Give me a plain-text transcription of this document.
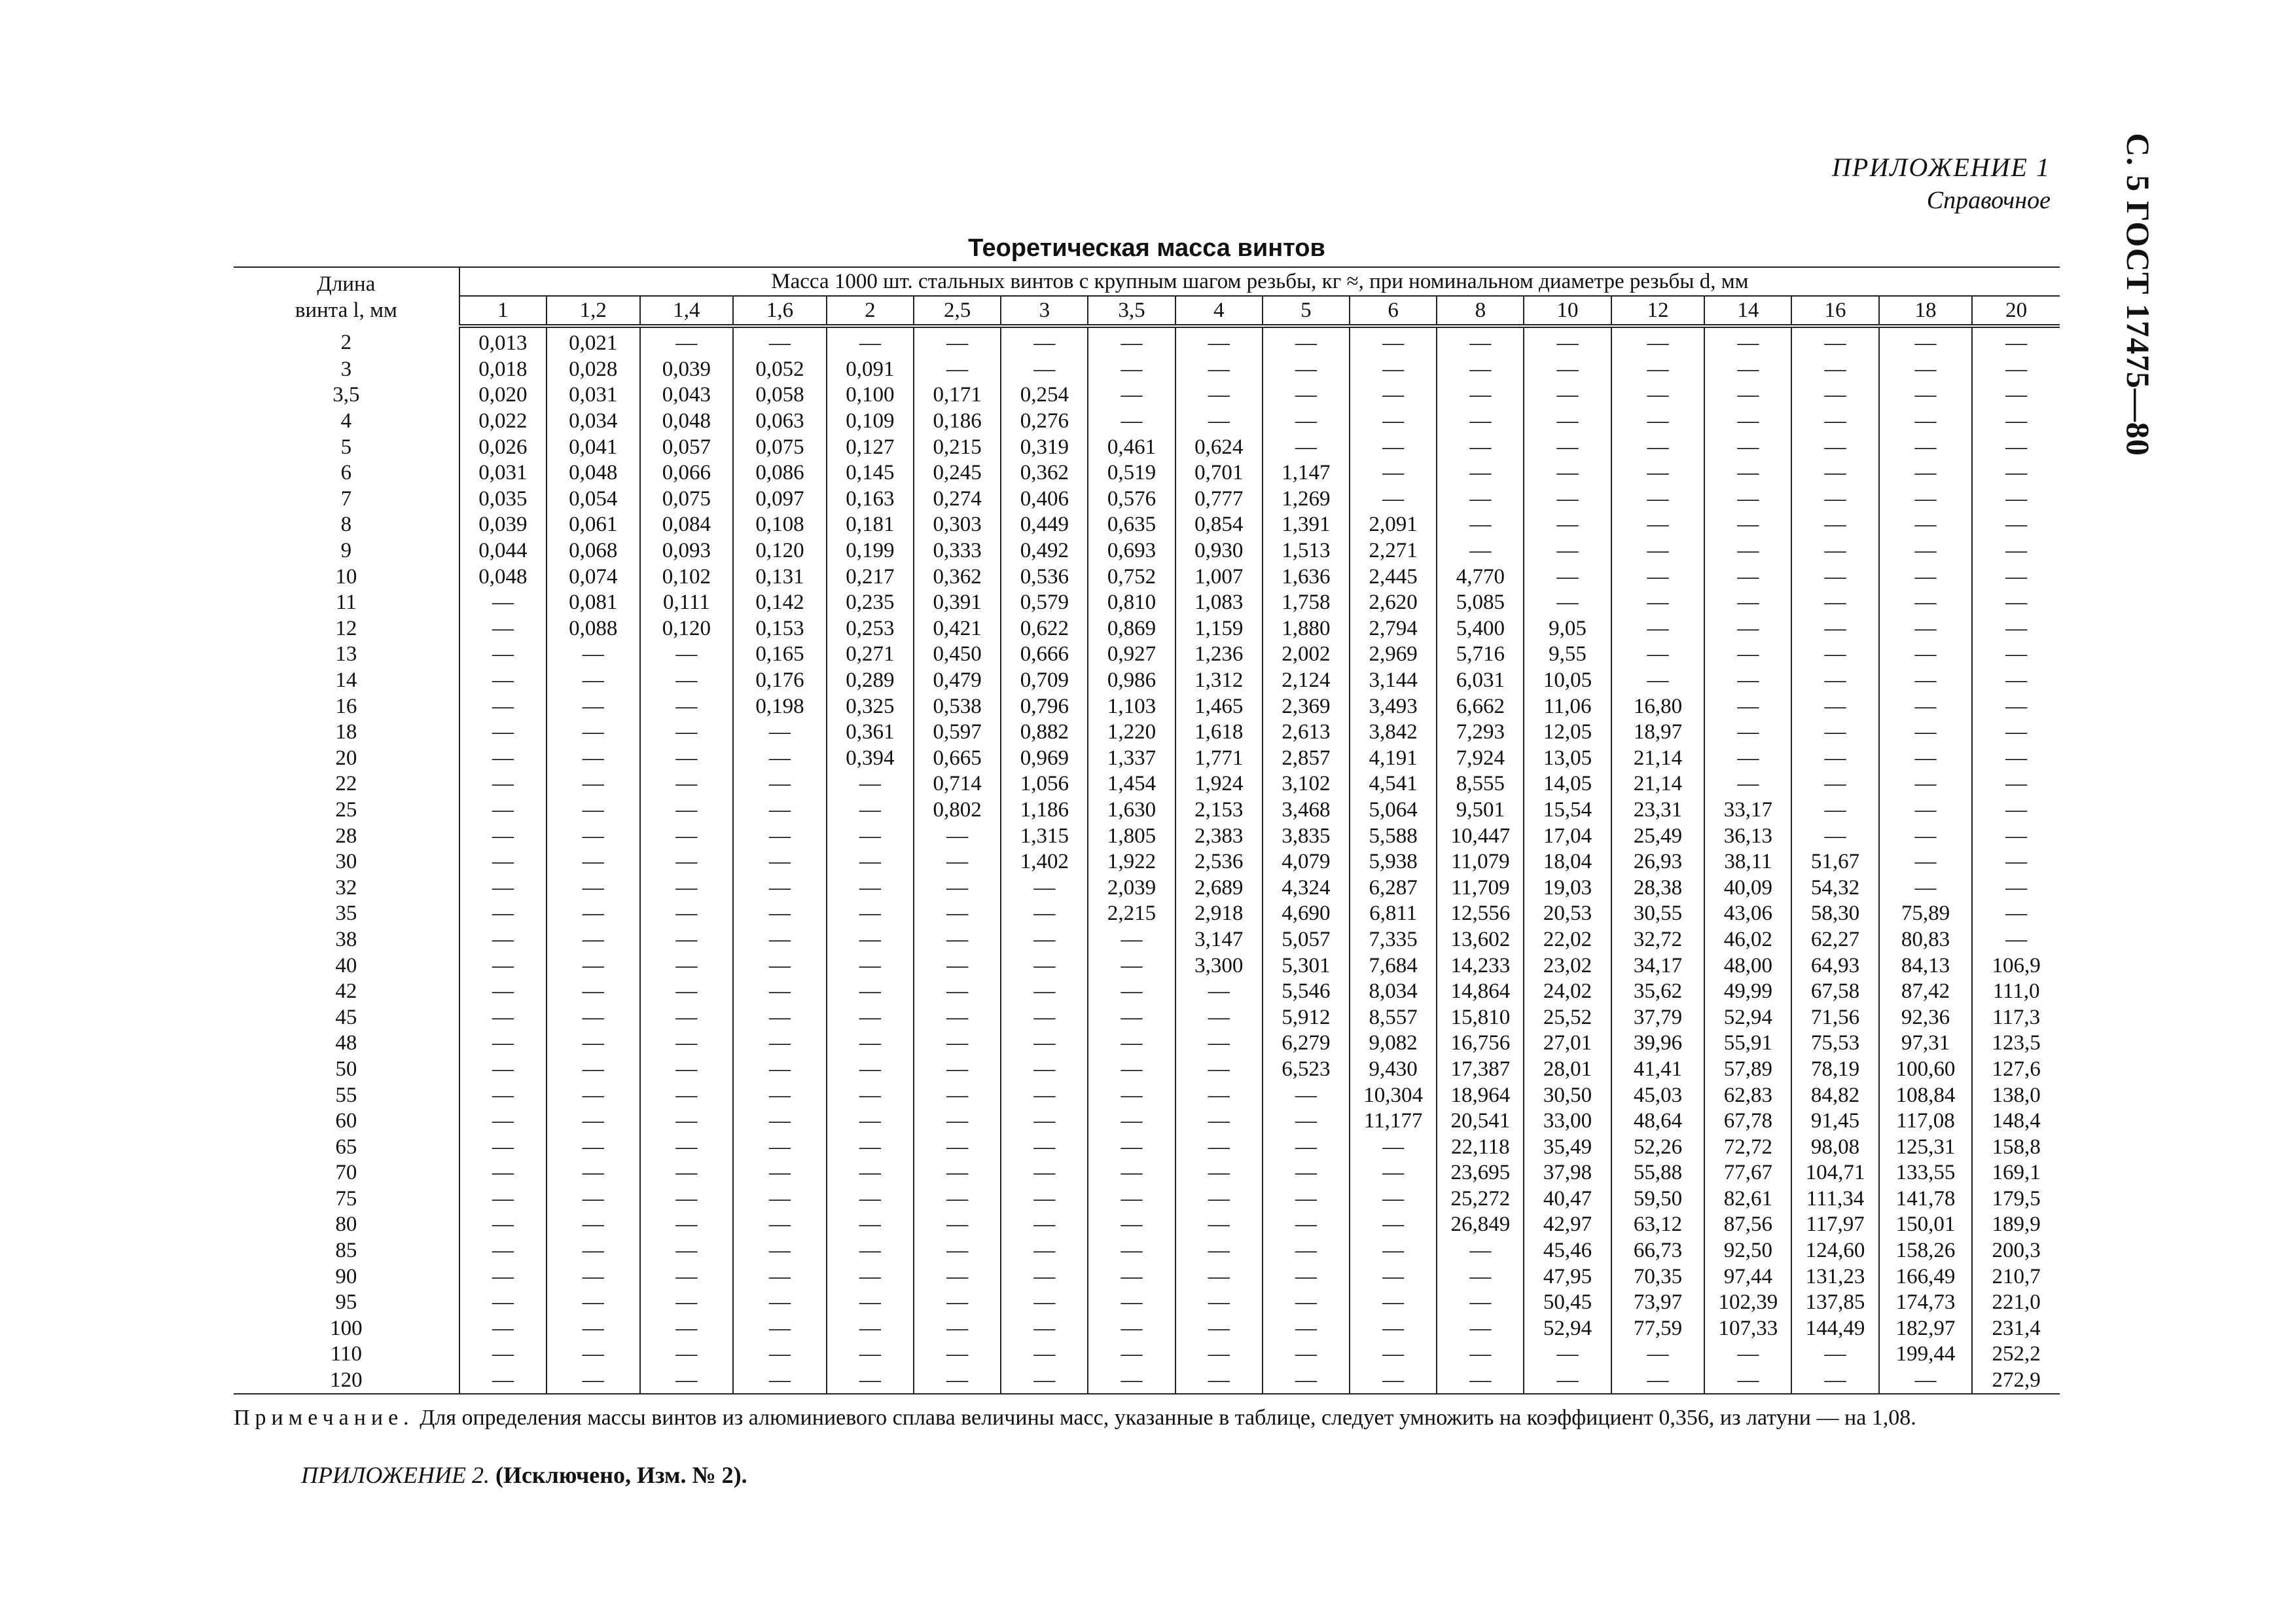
ПРИЛОЖЕНИЕ 1
Справочное С. 5 ГОСТ 17475—80
Теоретическая масса винтов
Длина
винта l, мм	Масса 1000 шт. стальных винтов с крупным шагом резьбы, кг ≈, при номинальном диаметре резьбы d, мм																	
	1	1,2	1,4	1,6	2	2,5	3	3,5	4	5	6	8	10	12	14	16	18	20
2	0,013	0,021	—	—	—	—	—	—	—	—	—	—	—	—	—	—	—	—
3	0,018	0,028	0,039	0,052	0,091	—	—	—	—	—	—	—	—	—	—	—	—	—
3,5	0,020	0,031	0,043	0,058	0,100	0,171	0,254	—	—	—	—	—	—	—	—	—	—	—
4	0,022	0,034	0,048	0,063	0,109	0,186	0,276	—	—	—	—	—	—	—	—	—	—	—
5	0,026	0,041	0,057	0,075	0,127	0,215	0,319	0,461	0,624	—	—	—	—	—	—	—	—	—
6	0,031	0,048	0,066	0,086	0,145	0,245	0,362	0,519	0,701	1,147	—	—	—	—	—	—	—	—
7	0,035	0,054	0,075	0,097	0,163	0,274	0,406	0,576	0,777	1,269	—	—	—	—	—	—	—	—
8	0,039	0,061	0,084	0,108	0,181	0,303	0,449	0,635	0,854	1,391	2,091	—	—	—	—	—	—	—
9	0,044	0,068	0,093	0,120	0,199	0,333	0,492	0,693	0,930	1,513	2,271	—	—	—	—	—	—	—
10	0,048	0,074	0,102	0,131	0,217	0,362	0,536	0,752	1,007	1,636	2,445	4,770	—	—	—	—	—	—
11	—	0,081	0,111	0,142	0,235	0,391	0,579	0,810	1,083	1,758	2,620	5,085	—	—	—	—	—	—
12	—	0,088	0,120	0,153	0,253	0,421	0,622	0,869	1,159	1,880	2,794	5,400	9,05	—	—	—	—	—
13	—	—	—	0,165	0,271	0,450	0,666	0,927	1,236	2,002	2,969	5,716	9,55	—	—	—	—	—
14	—	—	—	0,176	0,289	0,479	0,709	0,986	1,312	2,124	3,144	6,031	10,05	—	—	—	—	—
16	—	—	—	0,198	0,325	0,538	0,796	1,103	1,465	2,369	3,493	6,662	11,06	16,80	—	—	—	—
18	—	—	—	—	0,361	0,597	0,882	1,220	1,618	2,613	3,842	7,293	12,05	18,97	—	—	—	—
20	—	—	—	—	0,394	0,665	0,969	1,337	1,771	2,857	4,191	7,924	13,05	21,14	—	—	—	—
22	—	—	—	—	—	0,714	1,056	1,454	1,924	3,102	4,541	8,555	14,05	21,14	—	—	—	—
25	—	—	—	—	—	0,802	1,186	1,630	2,153	3,468	5,064	9,501	15,54	23,31	33,17	—	—	—
28	—	—	—	—	—	—	1,315	1,805	2,383	3,835	5,588	10,447	17,04	25,49	36,13	—	—	—
30	—	—	—	—	—	—	1,402	1,922	2,536	4,079	5,938	11,079	18,04	26,93	38,11	51,67	—	—
32	—	—	—	—	—	—	—	2,039	2,689	4,324	6,287	11,709	19,03	28,38	40,09	54,32	—	—
35	—	—	—	—	—	—	—	2,215	2,918	4,690	6,811	12,556	20,53	30,55	43,06	58,30	75,89	—
38	—	—	—	—	—	—	—	—	3,147	5,057	7,335	13,602	22,02	32,72	46,02	62,27	80,83	—
40	—	—	—	—	—	—	—	—	3,300	5,301	7,684	14,233	23,02	34,17	48,00	64,93	84,13	106,9
42	—	—	—	—	—	—	—	—	—	5,546	8,034	14,864	24,02	35,62	49,99	67,58	87,42	111,0
45	—	—	—	—	—	—	—	—	—	5,912	8,557	15,810	25,52	37,79	52,94	71,56	92,36	117,3
48	—	—	—	—	—	—	—	—	—	6,279	9,082	16,756	27,01	39,96	55,91	75,53	97,31	123,5
50	—	—	—	—	—	—	—	—	—	6,523	9,430	17,387	28,01	41,41	57,89	78,19	100,60	127,6
55	—	—	—	—	—	—	—	—	—	—	10,304	18,964	30,50	45,03	62,83	84,82	108,84	138,0
60	—	—	—	—	—	—	—	—	—	—	11,177	20,541	33,00	48,64	67,78	91,45	117,08	148,4
65	—	—	—	—	—	—	—	—	—	—	—	22,118	35,49	52,26	72,72	98,08	125,31	158,8
70	—	—	—	—	—	—	—	—	—	—	—	23,695	37,98	55,88	77,67	104,71	133,55	169,1
75	—	—	—	—	—	—	—	—	—	—	—	25,272	40,47	59,50	82,61	111,34	141,78	179,5
80	—	—	—	—	—	—	—	—	—	—	—	26,849	42,97	63,12	87,56	117,97	150,01	189,9
85	—	—	—	—	—	—	—	—	—	—	—	—	45,46	66,73	92,50	124,60	158,26	200,3
90	—	—	—	—	—	—	—	—	—	—	—	—	47,95	70,35	97,44	131,23	166,49	210,7
95	—	—	—	—	—	—	—	—	—	—	—	—	50,45	73,97	102,39	137,85	174,73	221,0
100	—	—	—	—	—	—	—	—	—	—	—	—	52,94	77,59	107,33	144,49	182,97	231,4
110	—	—	—	—	—	—	—	—	—	—	—	—	—	—	—	—	199,44	252,2
120	—	—	—	—	—	—	—	—	—	—	—	—	—	—	—	—	—	272,9
Примечание. Для определения массы винтов из алюминиевого сплава величины масс, указанные в таблице, следует умножить на коэффициент 0,356, из латуни — на 1,08.
ПРИЛОЖЕНИЕ 2. (Исключено, Изм. № 2).
